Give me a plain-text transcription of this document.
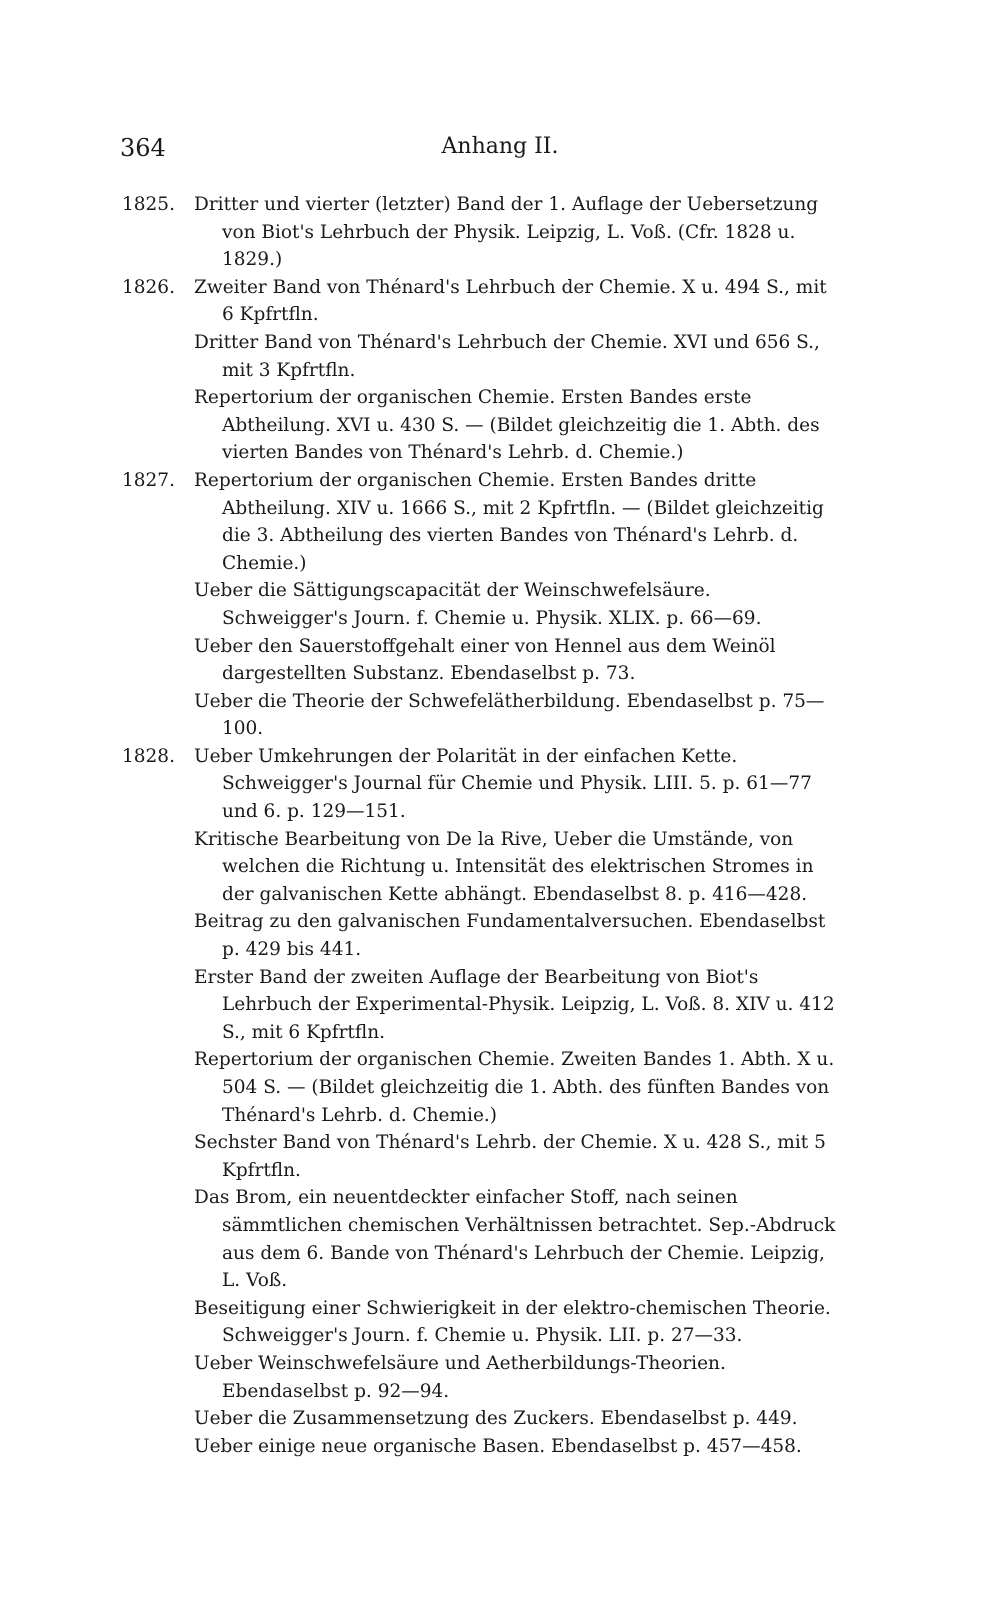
364	Anhang II.
1825. Dritter und vierter (letzter) Band der 1. Auflage der Uebersetzung von Biot's Lehrbuch der Physik. Leipzig, L. Voß. (Cfr. 1828 u. 1829.)

1826. Zweiter Band von Thénard's Lehrbuch der Chemie. X u. 494 S., mit 6 Kpfrtfln.

Dritter Band von Thénard's Lehrbuch der Chemie. XVI und 656 S., mit 3 Kpfrtfln.

Repertorium der organischen Chemie. Ersten Bandes erste Abtheilung. XVI u. 430 S. — (Bildet gleichzeitig die 1. Abth. des vierten Bandes von Thénard's Lehrb. d. Chemie.)

1827. Repertorium der organischen Chemie. Ersten Bandes dritte Abtheilung. XIV u. 1666 S., mit 2 Kpfrtfln. — (Bildet gleichzeitig die 3. Abtheilung des vierten Bandes von Thénard's Lehrb. d. Chemie.)

Ueber die Sättigungscapacität der Weinschwefelsäure. Schweigger's Journ. f. Chemie u. Physik. XLIX. p. 66—69.

Ueber den Sauerstoffgehalt einer von Hennel aus dem Weinöl dargestellten Substanz. Ebendaselbst p. 73.

Ueber die Theorie der Schwefelätherbildung. Ebendaselbst p. 75—100.

1828. Ueber Umkehrungen der Polarität in der einfachen Kette. Schweigger's Journal für Chemie und Physik. LIII. 5. p. 61—77 und 6. p. 129—151.

Kritische Bearbeitung von De la Rive, Ueber die Umstände, von welchen die Richtung u. Intensität des elektrischen Stromes in der galvanischen Kette abhängt. Ebendaselbst 8. p. 416—428.

Beitrag zu den galvanischen Fundamentalversuchen. Ebendaselbst p. 429 bis 441.

Erster Band der zweiten Auflage der Bearbeitung von Biot's Lehrbuch der Experimental-Physik. Leipzig, L. Voß. 8. XIV u. 412 S., mit 6 Kpfrtfln.

Repertorium der organischen Chemie. Zweiten Bandes 1. Abth. X u. 504 S. — (Bildet gleichzeitig die 1. Abth. des fünften Bandes von Thénard's Lehrb. d. Chemie.)

Sechster Band von Thénard's Lehrb. der Chemie. X u. 428 S., mit 5 Kpfrtfln.

Das Brom, ein neuentdeckter einfacher Stoff, nach seinen sämmtlichen chemischen Verhältnissen betrachtet. Sep.-Abdruck aus dem 6. Bande von Thénard's Lehrbuch der Chemie. Leipzig, L. Voß.

Beseitigung einer Schwierigkeit in der elektro-chemischen Theorie. Schweigger's Journ. f. Chemie u. Physik. LII. p. 27—33.

Ueber Weinschwefelsäure und Aetherbildungs-Theorien. Ebendaselbst p. 92—94.

Ueber die Zusammensetzung des Zuckers. Ebendaselbst p. 449.

Ueber einige neue organische Basen. Ebendaselbst p. 457—458.
